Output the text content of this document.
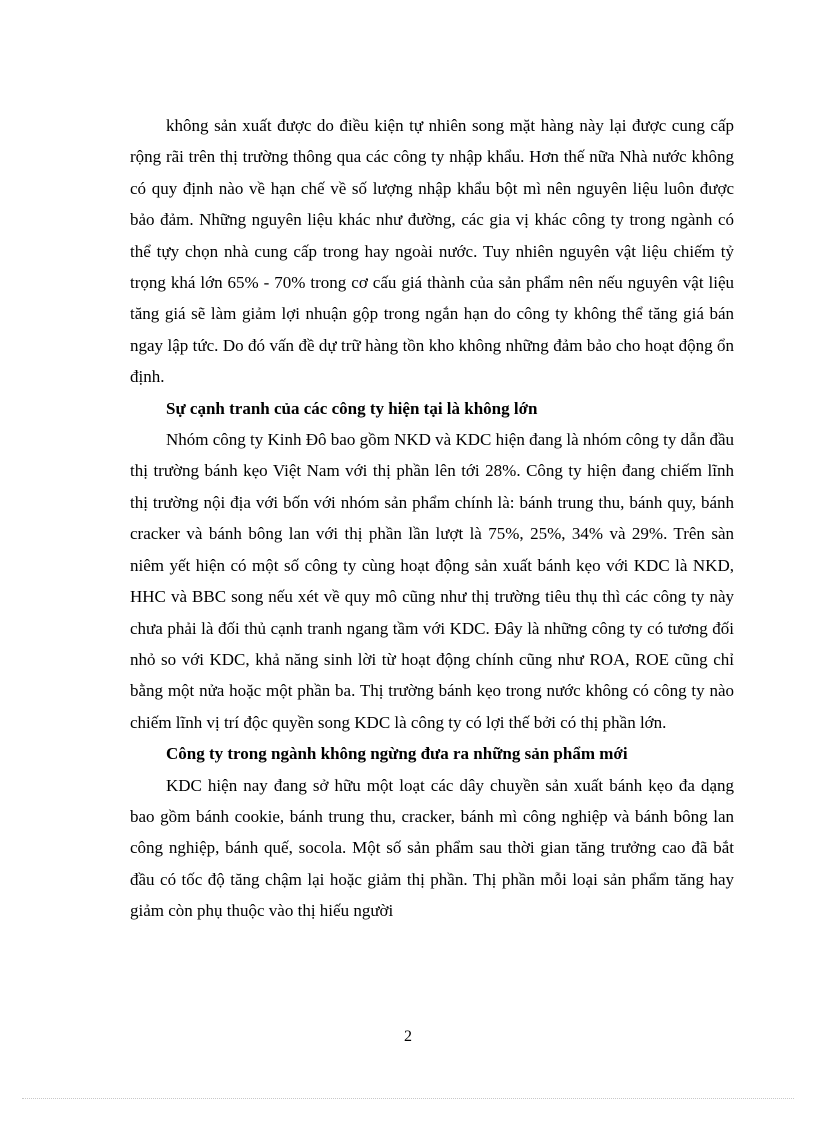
không sản xuất được do điều kiện tự nhiên song mặt hàng này lại được cung cấp rộng rãi trên thị trường thông qua các công ty nhập khẩu. Hơn thế nữa Nhà nước không có quy định nào về hạn chế về số lượng nhập khẩu bột mì nên nguyên liệu luôn được bảo đảm. Những nguyên liệu khác như đường, các gia vị khác công ty trong ngành có thể tựy chọn nhà cung cấp trong hay ngoài nước. Tuy nhiên nguyên vật liệu chiếm tỷ trọng khá lớn 65% - 70% trong cơ cấu giá thành của sản phẩm nên nếu nguyên vật liệu tăng giá sẽ làm giảm lợi nhuận gộp trong ngắn hạn do công ty không thể tăng giá bán ngay lập tức. Do đó vấn đề dự trữ hàng tồn kho không những đảm bảo cho hoạt động ổn định.

Sự cạnh tranh của các công ty hiện tại là không lớn

Nhóm công ty Kinh Đô bao gồm NKD và KDC hiện đang là nhóm công ty dẫn đầu thị trường bánh kẹo Việt Nam với thị phần lên tới 28%. Công ty hiện đang chiếm lĩnh thị trường nội địa với bốn với nhóm sản phẩm chính là: bánh trung thu, bánh quy, bánh cracker và bánh bông lan với thị phần lần lượt là 75%, 25%, 34% và 29%. Trên sàn niêm yết hiện có một số công ty cùng hoạt động sản xuất bánh kẹo với KDC là NKD, HHC và BBC song nếu xét về quy mô cũng như thị trường tiêu thụ thì các công ty này chưa phải là đối thủ cạnh tranh ngang tầm với KDC. Đây là những công ty có tương đối nhỏ so với KDC, khả năng sinh lời từ hoạt động chính cũng như ROA, ROE cũng chỉ bằng một nửa hoặc một phần ba. Thị trường bánh kẹo trong nước không có công ty nào chiếm lĩnh vị trí độc quyền song KDC là công ty có lợi thế bởi có thị phần lớn.

Công ty trong ngành không ngừng đưa ra những sản phẩm mới

KDC hiện nay đang sở hữu một loạt các dây chuyền sản xuất bánh kẹo đa dạng bao gồm bánh cookie, bánh trung thu, cracker, bánh mì công nghiệp và bánh bông lan công nghiệp, bánh quế, socola. Một số sản phẩm sau thời gian tăng trưởng cao đã bắt đầu có tốc độ tăng chậm lại hoặc giảm thị phần. Thị phần mỗi loại sản phẩm tăng hay giảm còn phụ thuộc vào thị hiếu người

2
